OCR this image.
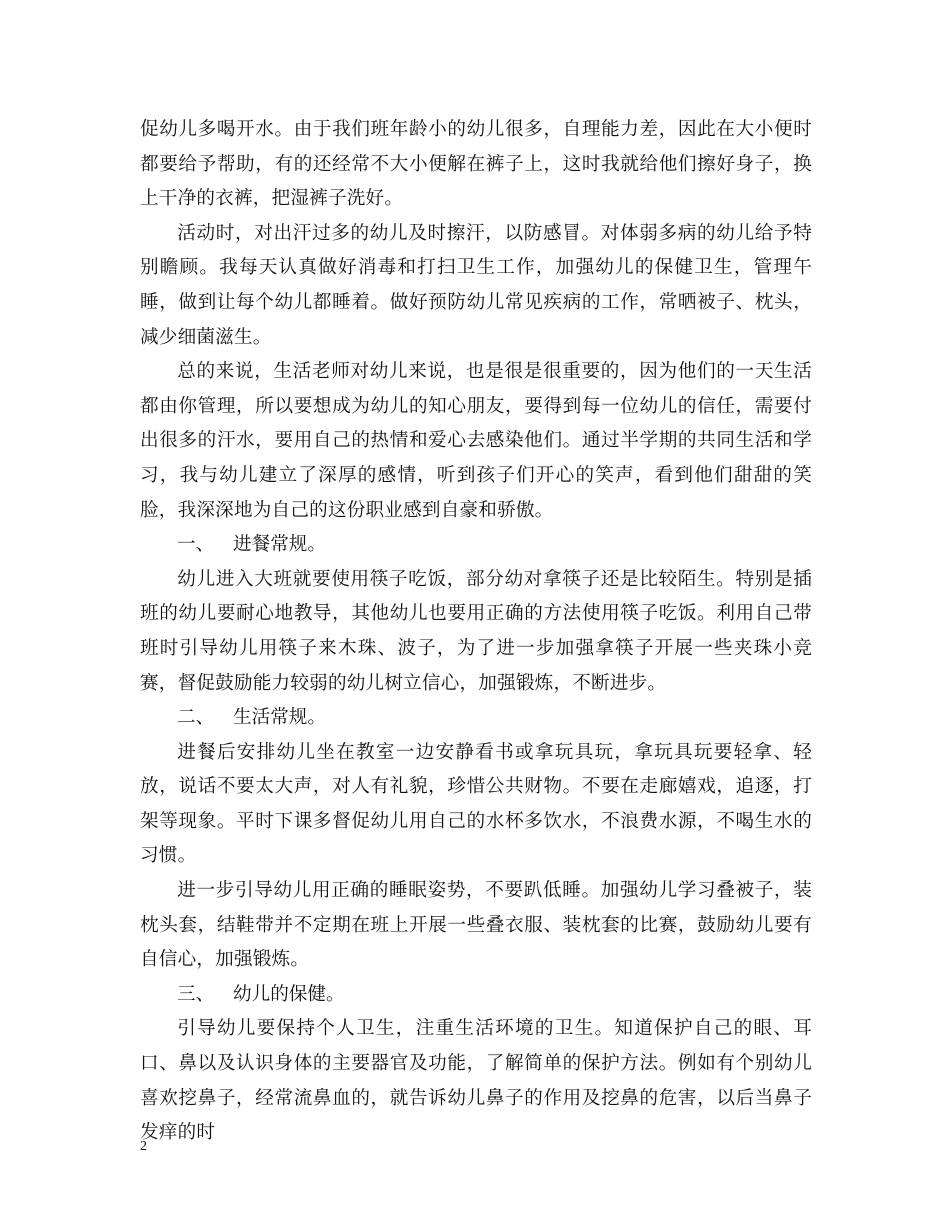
促幼儿多喝开水。由于我们班年龄小的幼儿很多，自理能力差，因此在大小便时都要给予帮助，有的还经常不大小便解在裤子上，这时我就给他们擦好身子，换上干净的衣裤，把湿裤子洗好。

活动时，对出汗过多的幼儿及时擦汗，以防感冒。对体弱多病的幼儿给予特别瞻顾。我每天认真做好消毒和打扫卫生工作，加强幼儿的保健卫生，管理午睡，做到让每个幼儿都睡着。做好预防幼儿常见疾病的工作，常晒被子、枕头，减少细菌滋生。

总的来说，生活老师对幼儿来说，也是很是很重要的，因为他们的一天生活都由你管理，所以要想成为幼儿的知心朋友，要得到每一位幼儿的信任，需要付出很多的汗水，要用自己的热情和爱心去感染他们。通过半学期的共同生活和学习，我与幼儿建立了深厚的感情，听到孩子们开心的笑声，看到他们甜甜的笑脸，我深深地为自己的这份职业感到自豪和骄傲。

一、 进餐常规。

幼儿进入大班就要使用筷子吃饭，部分幼对拿筷子还是比较陌生。特别是插班的幼儿要耐心地教导，其他幼儿也要用正确的方法使用筷子吃饭。利用自己带班时引导幼儿用筷子来木珠、波子，为了进一步加强拿筷子开展一些夹珠小竞赛，督促鼓励能力较弱的幼儿树立信心，加强锻炼，不断进步。

二、 生活常规。

进餐后安排幼儿坐在教室一边安静看书或拿玩具玩，拿玩具玩要轻拿、轻放，说话不要太大声，对人有礼貌，珍惜公共财物。不要在走廊嬉戏，追逐，打架等现象。平时下课多督促幼儿用自己的水杯多饮水，不浪费水源，不喝生水的习惯。

进一步引导幼儿用正确的睡眠姿势，不要趴低睡。加强幼儿学习叠被子，装枕头套，结鞋带并不定期在班上开展一些叠衣服、装枕套的比赛，鼓励幼儿要有自信心，加强锻炼。

三、 幼儿的保健。

引导幼儿要保持个人卫生，注重生活环境的卫生。知道保护自己的眼、耳口、鼻以及认识身体的主要器官及功能，了解简单的保护方法。例如有个别幼儿喜欢挖鼻子，经常流鼻血的，就告诉幼儿鼻子的作用及挖鼻的危害，以后当鼻子发痒的时

2
